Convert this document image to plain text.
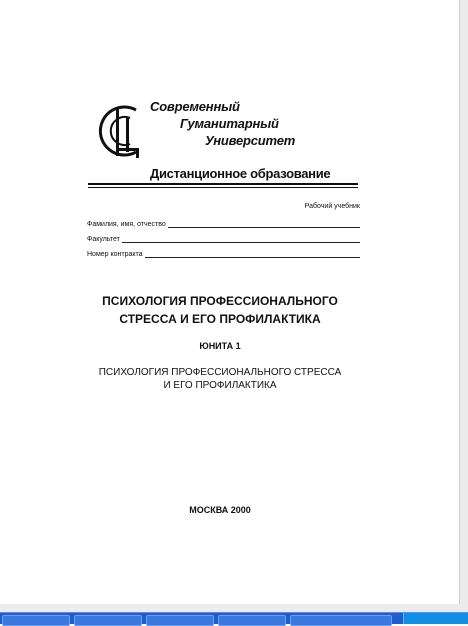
Современный
Гуманитарный
Университет
Дистанционное образование
Рабочий учебник
Фамилия, имя, отчество
Факультет
Номер контракта
ПСИХОЛОГИЯ ПРОФЕССИОНАЛЬНОГО
СТРЕССА И ЕГО ПРОФИЛАКТИКА
ЮНИТА 1
ПСИХОЛОГИЯ ПРОФЕССИОНАЛЬНОГО СТРЕССА
И ЕГО ПРОФИЛАКТИКА
МОСКВА 2000
